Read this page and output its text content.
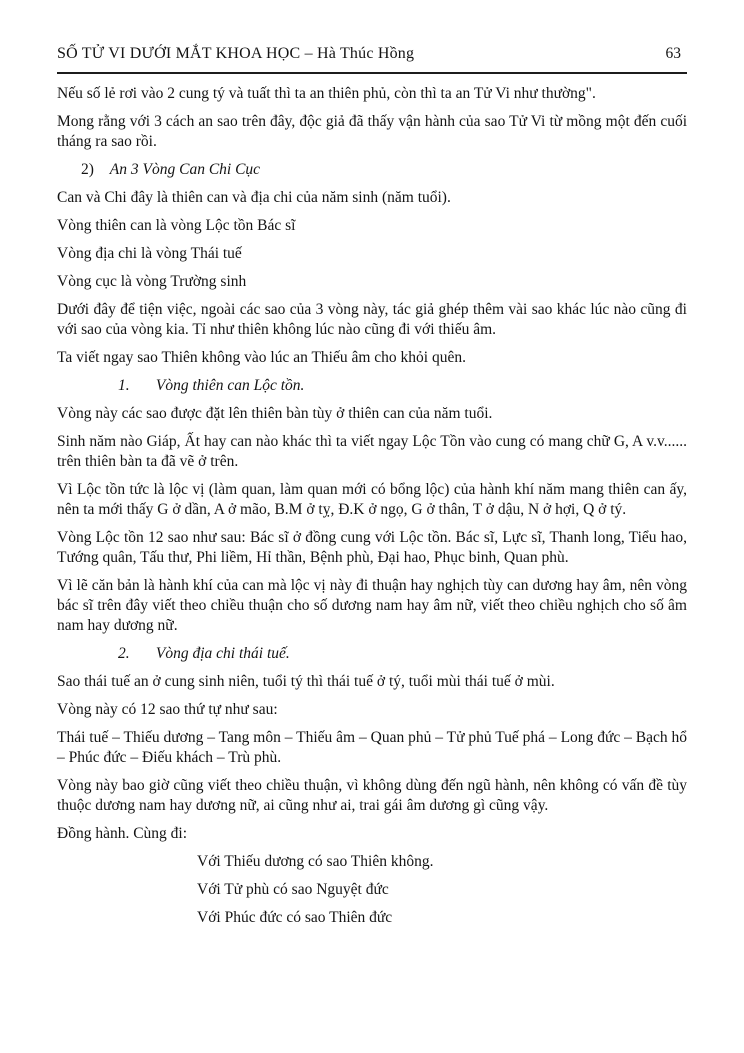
SỐ TỬ VI DƯỚI MẮT KHOA HỌC – Hà Thúc Hồng	63

Nếu số lẻ rơi vào 2 cung tý và tuất thì ta an thiên phủ, còn thì ta an Tử Vi như thường".

Mong rằng với 3 cách an sao trên đây, độc giả đã thấy vận hành của sao Tử Vi từ mồng một đến cuối tháng ra sao rồi.

2) An 3 Vòng Can Chi Cục

Can và Chi đây là thiên can và địa chi của năm sinh (năm tuổi).

Vòng thiên can là vòng Lộc tồn Bác sĩ

Vòng địa chi là vòng Thái tuế

Vòng cục là vòng Trường sinh

Dưới đây để tiện việc, ngoài các sao của 3 vòng này, tác giả ghép thêm vài sao khác lúc nào cũng đi với sao của vòng kia. Tỉ như thiên không lúc nào cũng đi với thiếu âm.

Ta viết ngay sao Thiên không vào lúc an Thiếu âm cho khỏi quên.

1. Vòng thiên can Lộc tồn.

Vòng này các sao được đặt lên thiên bàn tùy ở thiên can của năm tuổi.

Sinh năm nào Giáp, Ất hay can nào khác thì ta viết ngay Lộc Tồn vào cung có mang chữ G, A v.v...... trên thiên bàn ta đã vẽ ở trên.

Vì Lộc tồn tức là lộc vị (làm quan, làm quan mới có bổng lộc) của hành khí năm mang thiên can ấy, nên ta mới thấy G ở dần, A ở mão, B.M ở tỵ, Đ.K ở ngọ, G ở thân, T ở dậu, N ở hợi, Q ở tý.

Vòng Lộc tồn 12 sao như sau: Bác sĩ ở đồng cung với Lộc tồn. Bác sĩ, Lực sĩ, Thanh long, Tiểu hao, Tướng quân, Tấu thư, Phi liềm, Hỉ thần, Bệnh phù, Đại hao, Phục binh, Quan phù.

Vì lẽ căn bản là hành khí của can mà lộc vị này đi thuận hay nghịch tùy can dương hay âm, nên vòng bác sĩ trên đây viết theo chiều thuận cho số dương nam hay âm nữ, viết theo chiều nghịch cho số âm nam hay dương nữ.

2. Vòng địa chi thái tuế.

Sao thái tuế an ở cung sinh niên, tuổi tý thì thái tuế ở tý, tuổi mùi thái tuế ở mùi.

Vòng này có 12 sao thứ tự như sau:

Thái tuế – Thiếu dương – Tang môn – Thiếu âm – Quan phủ – Tử phủ Tuế phá – Long đức – Bạch hổ – Phúc đức – Điếu khách – Trù phù.

Vòng này bao giờ cũng viết theo chiều thuận, vì không dùng đến ngũ hành, nên không có vấn đề tùy thuộc dương nam hay dương nữ, ai cũng như ai, trai gái âm dương gì cũng vậy.

Đồng hành. Cùng đi:

Với Thiếu dương có sao Thiên không.

Với Tử phù có sao Nguyệt đức

Với Phúc đức có sao Thiên đức
